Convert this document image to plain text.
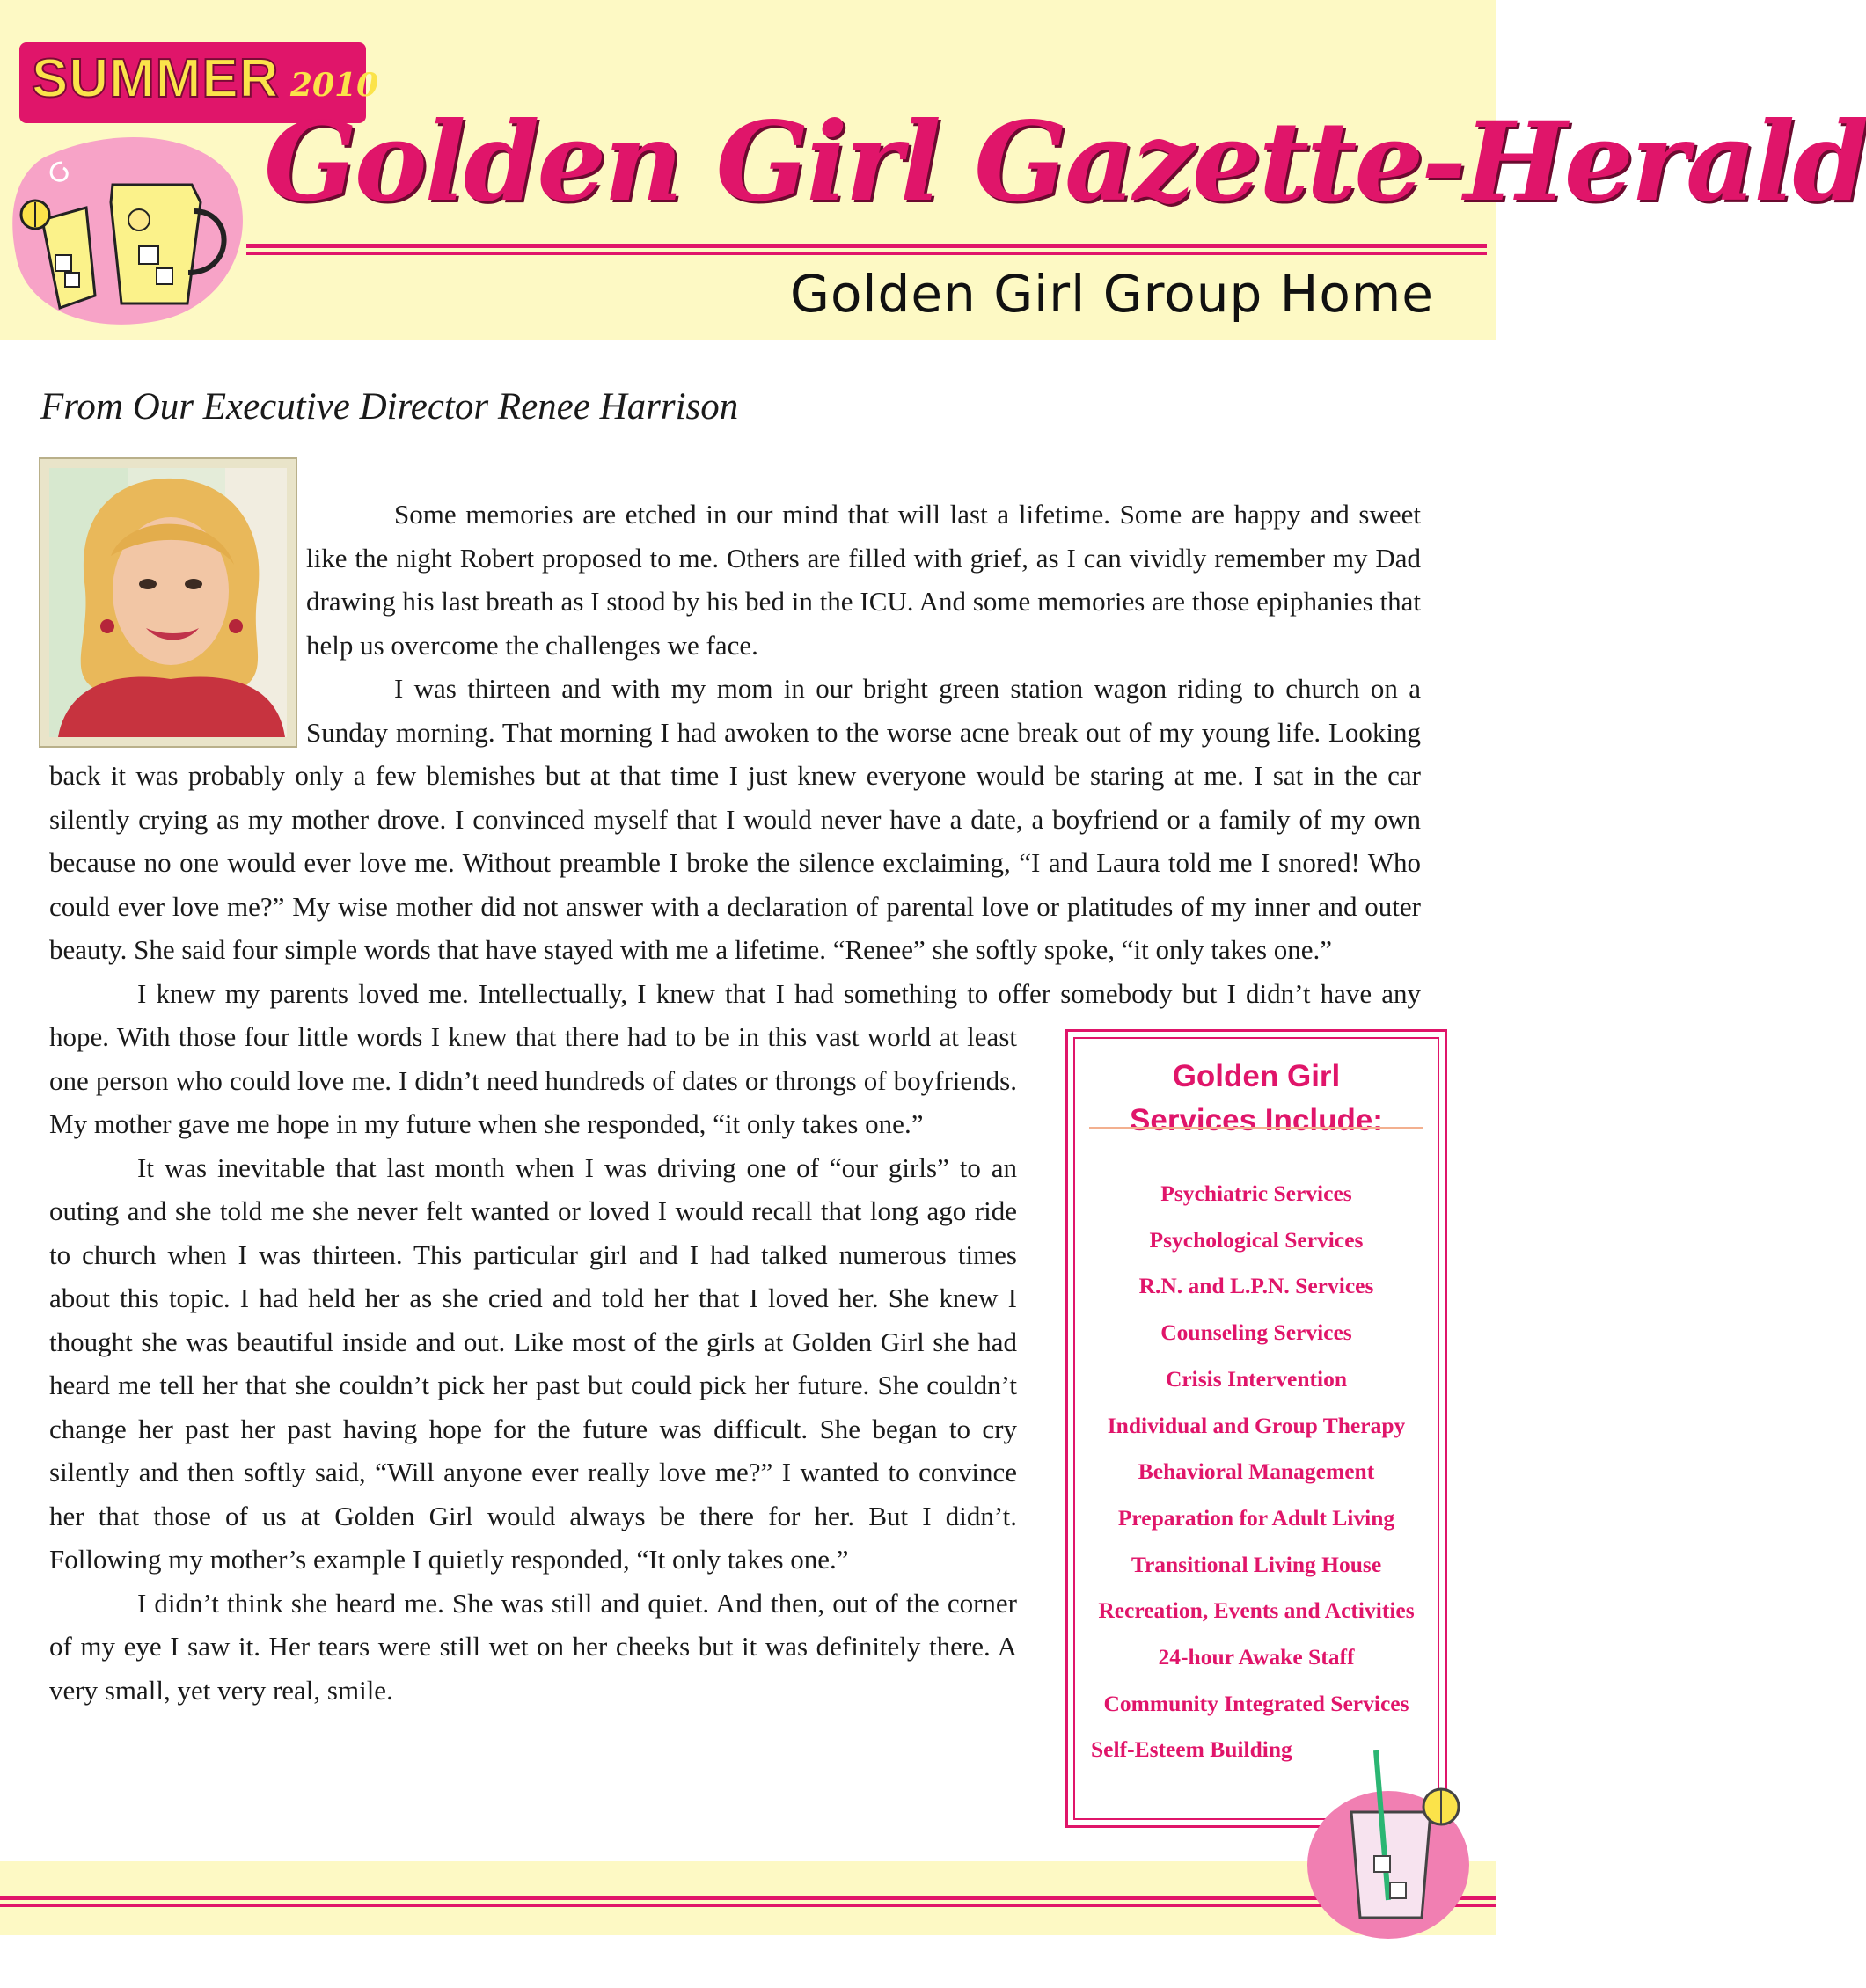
SUMMER 2010
Golden Girl Gazette-Herald
Golden Girl Group Home
From Our Executive Director Renee Harrison

Some memories are etched in our mind that will last a lifetime. Some are happy and sweet like the night Robert proposed to me. Others are filled with grief, as I can vividly remember my Dad drawing his last breath as I stood by his bed in the ICU. And some memories are those epiphanies that help us overcome the challenges we face.

I was thirteen and with my mom in our bright green station wagon riding to church on a Sunday morning. That morning I had awoken to the worse acne break out of my young life. Looking back it was probably only a few blemishes but at that time I just knew everyone would be staring at me. I sat in the car silently crying as my mother drove. I convinced myself that I would never have a date, a boyfriend or a family of my own because no one would ever love me. Without preamble I broke the silence exclaiming, “I and Laura told me I snored! Who could ever love me?” My wise mother did not answer with a declaration of parental love or platitudes of my inner and outer beauty. She said four simple words that have stayed with me a lifetime. “Renee” she softly spoke, “it only takes one.”

I knew my parents loved me. Intellectually, I knew that I had something to offer somebody but I didn’t have any hope. With those four little words I knew that there had to be in this vast world at least one person who could love me. I didn’t need hundreds of dates or throngs of boyfriends. My mother gave me hope in my future when she responded, “it only takes one.”

It was inevitable that last month when I was driving one of “our girls” to an outing and she told me she never felt wanted or loved I would recall that long ago ride to church when I was thirteen. This particular girl and I had talked numerous times about this topic. I had held her as she cried and told her that I loved her. She knew I thought she was beautiful inside and out. Like most of the girls at Golden Girl she had heard me tell her that she couldn’t pick her past but could pick her future. She couldn’t change her past her past having hope for the future was difficult. She began to cry silently and then softly said, “Will anyone ever really love me?” I wanted to convince her that those of us at Golden Girl would always be there for her. But I didn’t. Following my mother’s example I quietly responded, “It only takes one.”

I didn’t think she heard me. She was still and quiet. And then, out of the corner of my eye I saw it. Her tears were still wet on her cheeks but it was definitely there. A very small, yet very real, smile.

Golden Girl
Services Include:
Psychiatric Services
Psychological Services
R.N. and L.P.N. Services
Counseling Services
Crisis Intervention
Individual and Group Therapy
Behavioral Management
Preparation for Adult Living
Transitional Living House
Recreation, Events and Activities
24-hour Awake Staff
Community Integrated Services
Self-Esteem Building
